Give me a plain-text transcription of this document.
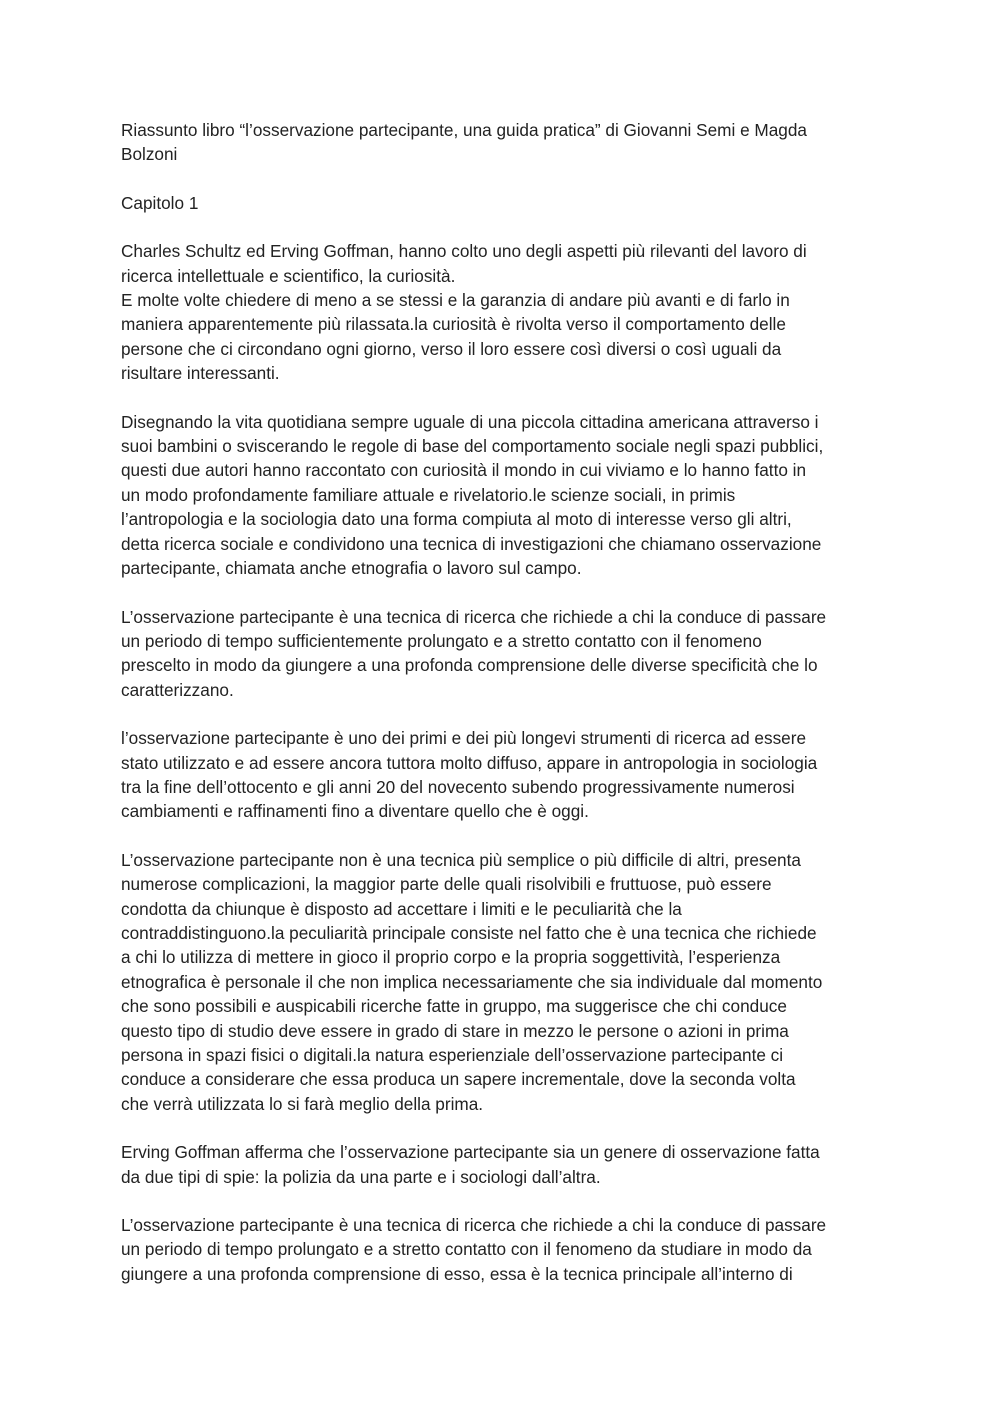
Riassunto libro “l’osservazione partecipante, una guida pratica” di Giovanni Semi e Magda
Bolzoni

Capitolo 1

Charles Schultz ed Erving Goffman, hanno colto uno degli aspetti più rilevanti del lavoro di
ricerca intellettuale e scientifico, la curiosità.
E molte volte chiedere di meno a se stessi e la garanzia di andare più avanti e di farlo in
maniera apparentemente più rilassata.la curiosità è rivolta verso il comportamento delle
persone che ci circondano ogni giorno, verso il loro essere così diversi o così uguali da
risultare interessanti.

Disegnando la vita quotidiana sempre uguale di una piccola cittadina americana attraverso i
suoi bambini o sviscerando le regole di base del comportamento sociale negli spazi pubblici,
questi due autori hanno raccontato con curiosità il mondo in cui viviamo e lo hanno fatto in
un modo profondamente familiare attuale e rivelatorio.le scienze sociali, in primis
l’antropologia e la sociologia dato una forma compiuta al moto di interesse verso gli altri,
detta ricerca sociale e condividono una tecnica di investigazioni che chiamano osservazione
partecipante, chiamata anche etnografia o lavoro sul campo.

L’osservazione partecipante è una tecnica di ricerca che richiede a chi la conduce di passare
un periodo di tempo sufficientemente prolungato e a stretto contatto con il fenomeno
prescelto in modo da giungere a una profonda comprensione delle diverse specificità che lo
caratterizzano.

l’osservazione partecipante è uno dei primi e dei più longevi strumenti di ricerca ad essere
stato utilizzato e ad essere ancora tuttora molto diffuso, appare in antropologia in sociologia
tra la fine dell’ottocento e gli anni 20 del novecento subendo progressivamente numerosi
cambiamenti e raffinamenti fino a diventare quello che è oggi.

L’osservazione partecipante non è una tecnica più semplice o più difficile di altri, presenta
numerose complicazioni, la maggior parte delle quali risolvibili e fruttuose, può essere
condotta da chiunque è disposto ad accettare i limiti e le peculiarità che la
contraddistinguono.la peculiarità principale consiste nel fatto che è una tecnica che richiede
a chi lo utilizza di mettere in gioco il proprio corpo e la propria soggettività, l’esperienza
etnografica è personale il che non implica necessariamente che sia individuale dal momento
che sono possibili e auspicabili ricerche fatte in gruppo, ma suggerisce che chi conduce
questo tipo di studio deve essere in grado di stare in mezzo le persone o azioni in prima
persona in spazi fisici o digitali.la natura esperienziale dell’osservazione partecipante ci
conduce a considerare che essa produca un sapere incrementale, dove la seconda volta
che verrà utilizzata lo si farà meglio della prima.

Erving Goffman afferma che l’osservazione partecipante sia un genere di osservazione fatta
da due tipi di spie: la polizia da una parte e i sociologi dall’altra.

L’osservazione partecipante è una tecnica di ricerca che richiede a chi la conduce di passare
un periodo di tempo prolungato e a stretto contatto con il fenomeno da studiare in modo da
giungere a una profonda comprensione di esso, essa è la tecnica principale all’interno di
